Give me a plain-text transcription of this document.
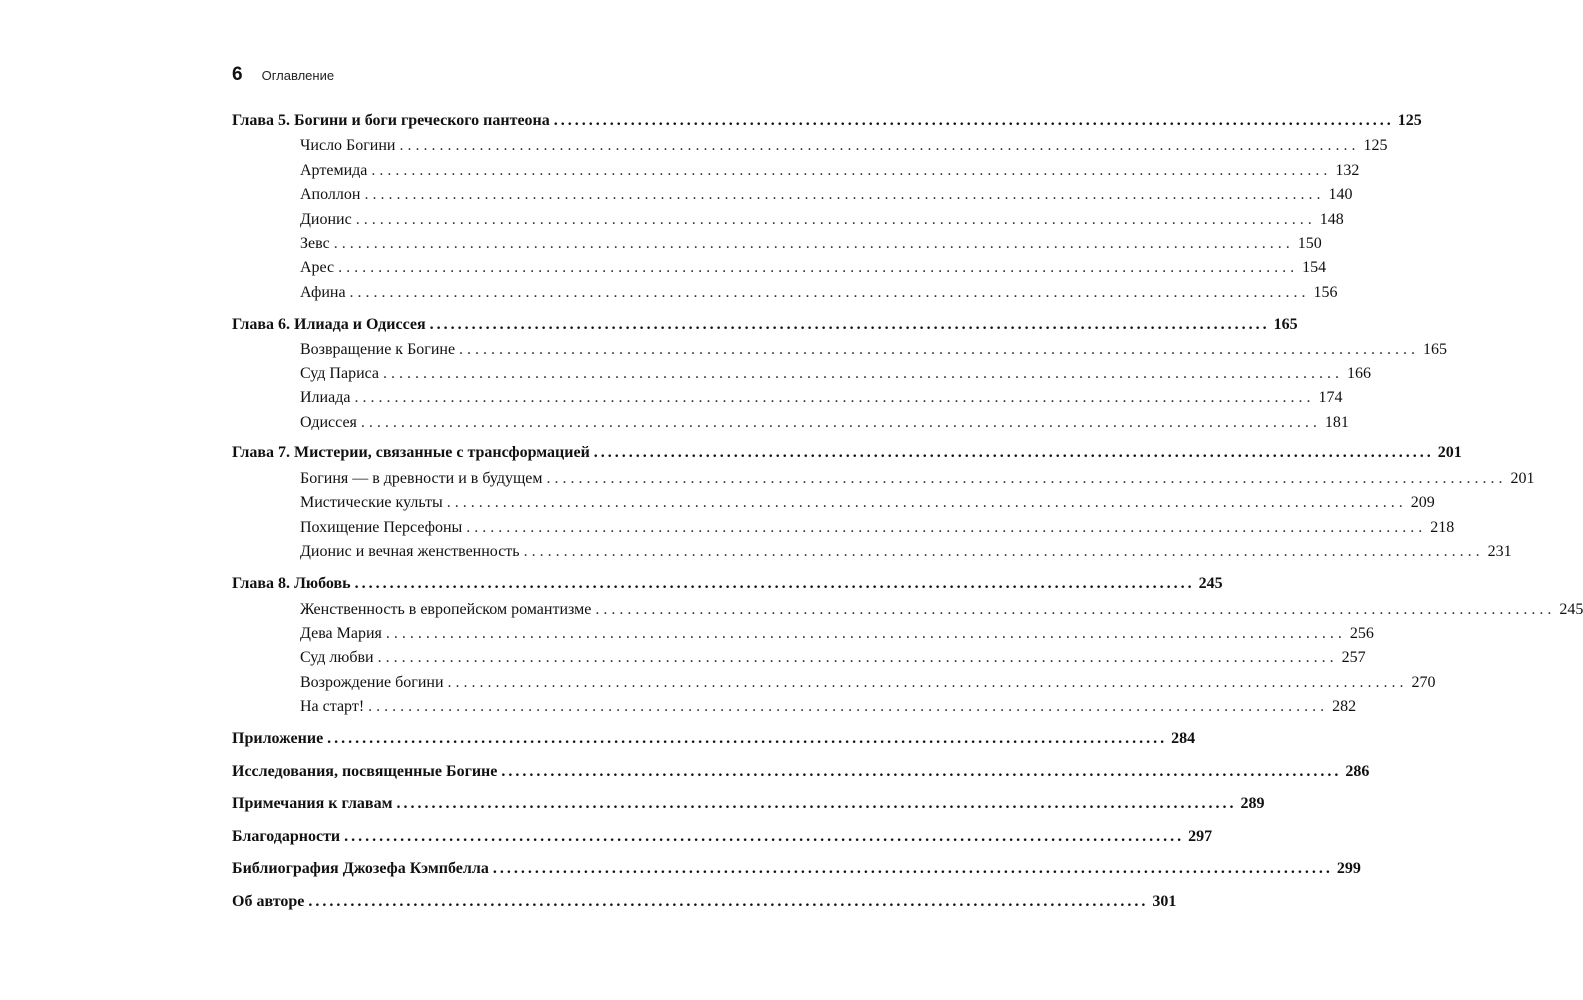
6 Оглавление
Глава 5. Богини и боги греческого пантеона ........................................................................................................................ 125
Число Богини ........................................................................................................................ 125
Артемида ........................................................................................................................ 132
Аполлон ........................................................................................................................ 140
Дионис ........................................................................................................................ 148
Зевс ........................................................................................................................ 150
Арес ........................................................................................................................ 154
Афина ........................................................................................................................ 156
Глава 6. Илиада и Одиссея ........................................................................................................................ 165
Возвращение к Богине ........................................................................................................................ 165
Суд Париса ........................................................................................................................ 166
Илиада ........................................................................................................................ 174
Одиссея ........................................................................................................................ 181
Глава 7. Мистерии, связанные с трансформацией ........................................................................................................................ 201
Богиня — в древности и в будущем ........................................................................................................................ 201
Мистические культы ........................................................................................................................ 209
Похищение Персефоны ........................................................................................................................ 218
Дионис и вечная женственность ........................................................................................................................ 231
Глава 8. Любовь ........................................................................................................................ 245
Женственность в европейском романтизме ........................................................................................................................ 245
Дева Мария ........................................................................................................................ 256
Суд любви ........................................................................................................................ 257
Возрождение богини ........................................................................................................................ 270
На старт! ........................................................................................................................ 282
Приложение ........................................................................................................................ 284
Исследования, посвященные Богине ........................................................................................................................ 286
Примечания к главам ........................................................................................................................ 289
Благодарности ........................................................................................................................ 297
Библиография Джозефа Кэмпбелла ........................................................................................................................ 299
Об авторе ........................................................................................................................ 301
